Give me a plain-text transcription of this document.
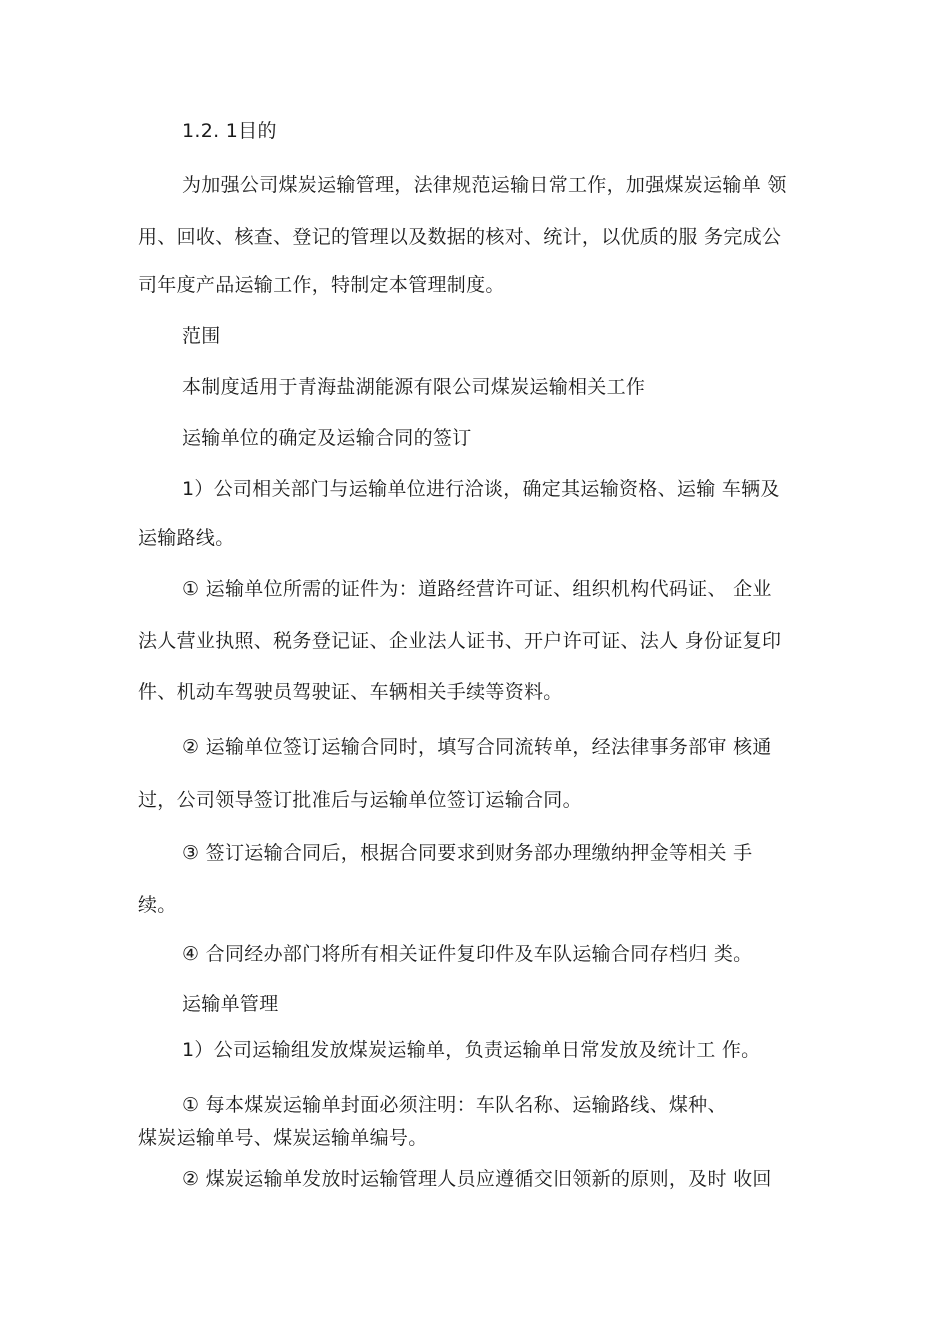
1.2. 1目的

为加强公司煤炭运输管理，法律规范运输日常工作，加强煤炭运输单 领

用、回收、核查、登记的管理以及数据的核对、统计，以优质的服 务完成公

司年度产品运输工作，特制定本管理制度。

范围

本制度适用于青海盐湖能源有限公司煤炭运输相关工作

运输单位的确定及运输合同的签订

1）公司相关部门与运输单位进行洽谈，确定其运输资格、运输 车辆及

运输路线。

① 运输单位所需的证件为：道路经营许可证、组织机构代码证、 企业

法人营业执照、税务登记证、企业法人证书、开户许可证、法人 身份证复印

件、机动车驾驶员驾驶证、车辆相关手续等资料。

② 运输单位签订运输合同时，填写合同流转单，经法律事务部审 核通

过，公司领导签订批准后与运输单位签订运输合同。

③ 签订运输合同后，根据合同要求到财务部办理缴纳押金等相关 手

续。

④ 合同经办部门将所有相关证件复印件及车队运输合同存档归 类。

运输单管理

1）公司运输组发放煤炭运输单，负责运输单日常发放及统计工 作。

① 每本煤炭运输单封面必须注明：车队名称、运输路线、煤种、

煤炭运输单号、煤炭运输单编号。

② 煤炭运输单发放时运输管理人员应遵循交旧领新的原则，及时 收回
